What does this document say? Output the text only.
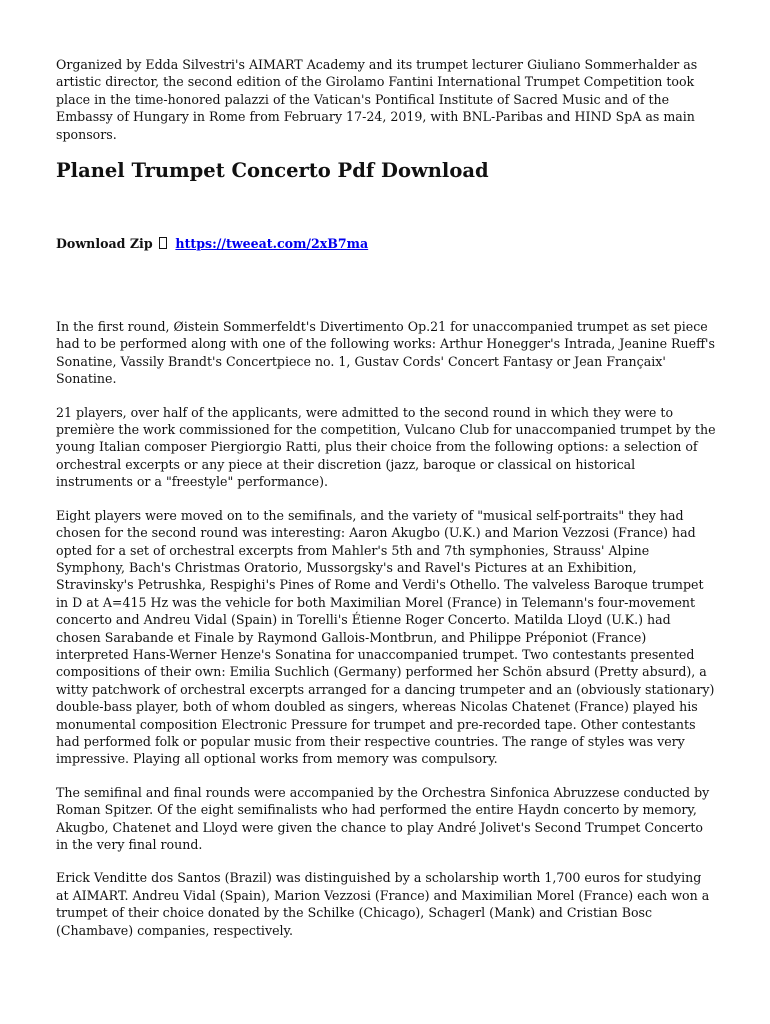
Organized by Edda Silvestri's AIMART Academy and its trumpet lecturer Giuliano Sommerhalder as artistic director, the second edition of the Girolamo Fantini International Trumpet Competition took place in the time-honored palazzi of the Vatican's Pontifical Institute of Sacred Music and of the Embassy of Hungary in Rome from February 17-24, 2019, with BNL-Paribas and HIND SpA as main sponsors.

Planel Trumpet Concerto Pdf Download
Download Zip https://tweeat.com/2xB7ma

In the first round, Øistein Sommerfeldt's Divertimento Op.21 for unaccompanied trumpet as set piece had to be performed along with one of the following works: Arthur Honegger's Intrada, Jeanine Rueff's Sonatine, Vassily Brandt's Concertpiece no. 1, Gustav Cords' Concert Fantasy or Jean Françaix' Sonatine.

21 players, over half of the applicants, were admitted to the second round in which they were to première the work commissioned for the competition, Vulcano Club for unaccompanied trumpet by the young Italian composer Piergiorgio Ratti, plus their choice from the following options: a selection of orchestral excerpts or any piece at their discretion (jazz, baroque or classical on historical instruments or a "freestyle" performance).

Eight players were moved on to the semifinals, and the variety of "musical self-portraits" they had chosen for the second round was interesting: Aaron Akugbo (U.K.) and Marion Vezzosi (France) had opted for a set of orchestral excerpts from Mahler's 5th and 7th symphonies, Strauss' Alpine Symphony, Bach's Christmas Oratorio, Mussorgsky's and Ravel's Pictures at an Exhibition, Stravinsky's Petrushka, Respighi's Pines of Rome and Verdi's Othello. The valveless Baroque trumpet in D at A=415 Hz was the vehicle for both Maximilian Morel (France) in Telemann's four-movement concerto and Andreu Vidal (Spain) in Torelli's Étienne Roger Concerto. Matilda Lloyd (U.K.) had chosen Sarabande et Finale by Raymond Gallois-Montbrun, and Philippe Préponiot (France) interpreted Hans-Werner Henze's Sonatina for unaccompanied trumpet. Two contestants presented compositions of their own: Emilia Suchlich (Germany) performed her Schön absurd (Pretty absurd), a witty patchwork of orchestral excerpts arranged for a dancing trumpeter and an (obviously stationary) double-bass player, both of whom doubled as singers, whereas Nicolas Chatenet (France) played his monumental composition Electronic Pressure for trumpet and pre-recorded tape. Other contestants had performed folk or popular music from their respective countries. The range of styles was very impressive. Playing all optional works from memory was compulsory.

The semifinal and final rounds were accompanied by the Orchestra Sinfonica Abruzzese conducted by Roman Spitzer. Of the eight semifinalists who had performed the entire Haydn concerto by memory, Akugbo, Chatenet and Lloyd were given the chance to play André Jolivet's Second Trumpet Concerto in the very final round.

Erick Venditte dos Santos (Brazil) was distinguished by a scholarship worth 1,700 euros for studying at AIMART. Andreu Vidal (Spain), Marion Vezzosi (France) and Maximilian Morel (France) each won a trumpet of their choice donated by the Schilke (Chicago), Schagerl (Mank) and Cristian Bosc (Chambave) companies, respectively.
